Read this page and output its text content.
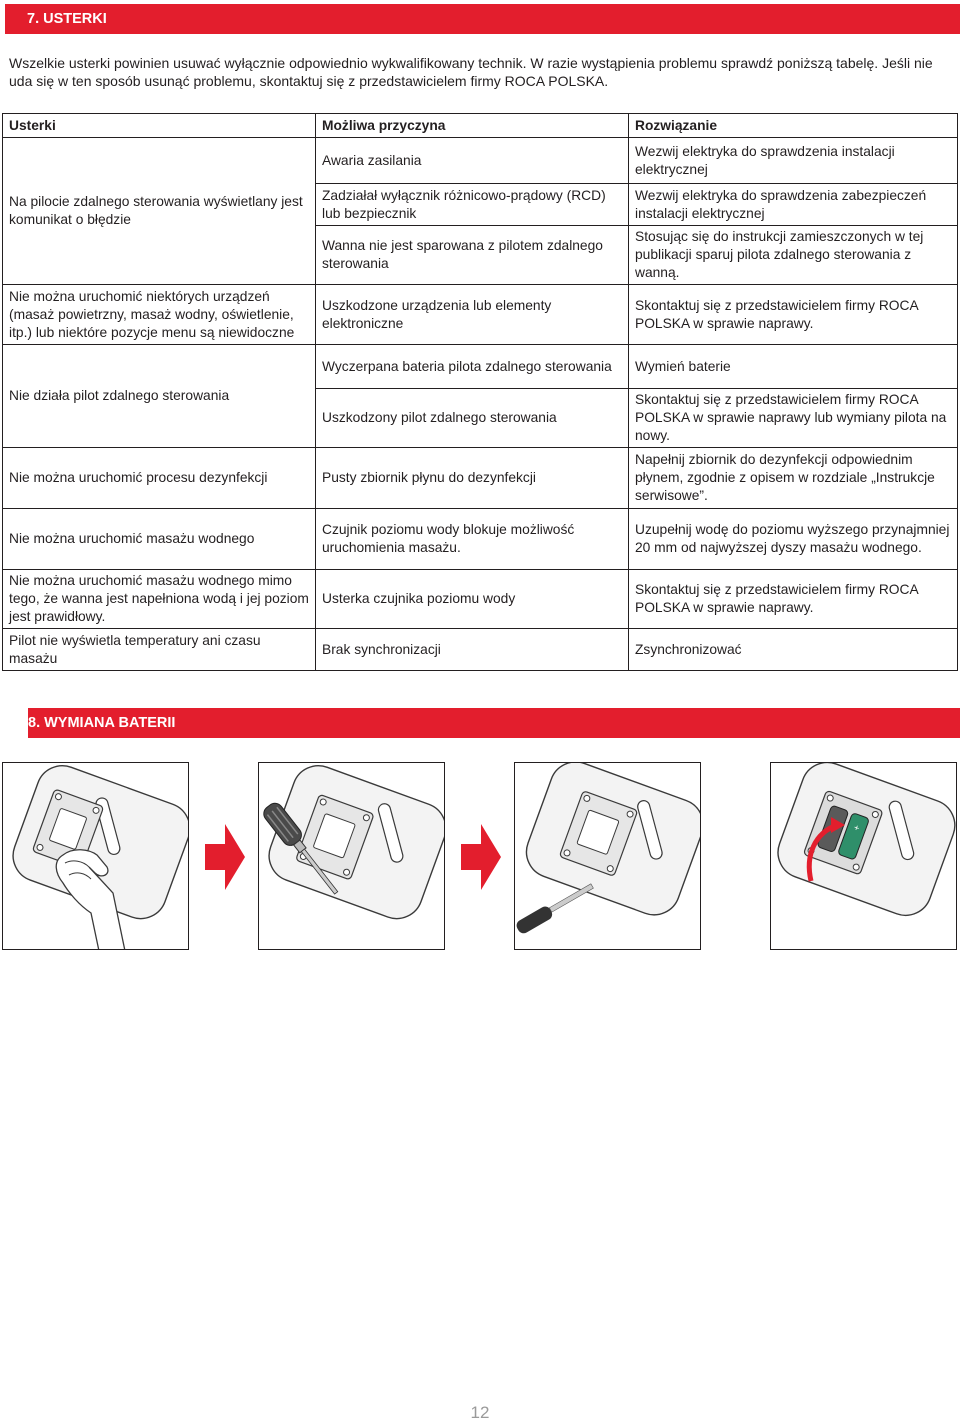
7. USTERKI

Wszelkie usterki powinien usuwać wyłącznie odpowiednio wykwalifikowany technik. W razie wystąpienia problemu sprawdź poniższą tabelę. Jeśli nie uda się w ten sposób usunąć problemu, skontaktuj się z przedstawicielem firmy ROCA POLSKA.

Usterki	Możliwa przyczyna	Rozwiązanie
Na pilocie zdalnego sterowania wyświetlany jest komunikat o błędzie	Awaria zasilania	Wezwij elektryka do sprawdzenia instalacji elektrycznej
	Zadziałał wyłącznik różnicowo-prądowy (RCD) lub bezpiecznik	Wezwij elektryka do sprawdzenia zabezpieczeń instalacji elektrycznej
	Wanna nie jest sparowana z pilotem zdalnego sterowania	Stosując się do instrukcji zamieszczonych w tej publikacji sparuj pilota zdalnego sterowania z wanną.
Nie można uruchomić niektórych urządzeń (masaż powietrzny, masaż wodny, oświetlenie, itp.) lub niektóre pozycje menu są niewidoczne	Uszkodzone urządzenia lub elementy elektroniczne	Skontaktuj się z przedstawicielem firmy ROCA POLSKA w sprawie naprawy.
Nie działa pilot zdalnego sterowania	Wyczerpana bateria pilota zdalnego sterowania	Wymień baterie
	Uszkodzony pilot zdalnego sterowania	Skontaktuj się z przedstawicielem firmy ROCA POLSKA w sprawie naprawy lub wymiany pilota na nowy.
Nie można uruchomić procesu dezynfekcji	Pusty zbiornik płynu do dezynfekcji	Napełnij zbiornik do dezynfekcji odpowiednim płynem, zgodnie z opisem w rozdziale „Instrukcje serwisowe”.
Nie można uruchomić masażu wodnego	Czujnik poziomu wody blokuje możliwość uruchomienia masażu.	Uzupełnij wodę do poziomu wyższego przynajmniej 20 mm od najwyższej dyszy masażu wodnego.
Nie można uruchomić masażu wodnego mimo tego, że wanna jest napełniona wodą i jej poziom jest prawidłowy.	Usterka czujnika poziomu wody	Skontaktuj się z przedstawicielem firmy ROCA POLSKA w sprawie naprawy.
Pilot nie wyświetla temperatury ani czasu masażu	Brak synchronizacji	Zsynchronizować
8. WYMIANA BATERII
+
12
